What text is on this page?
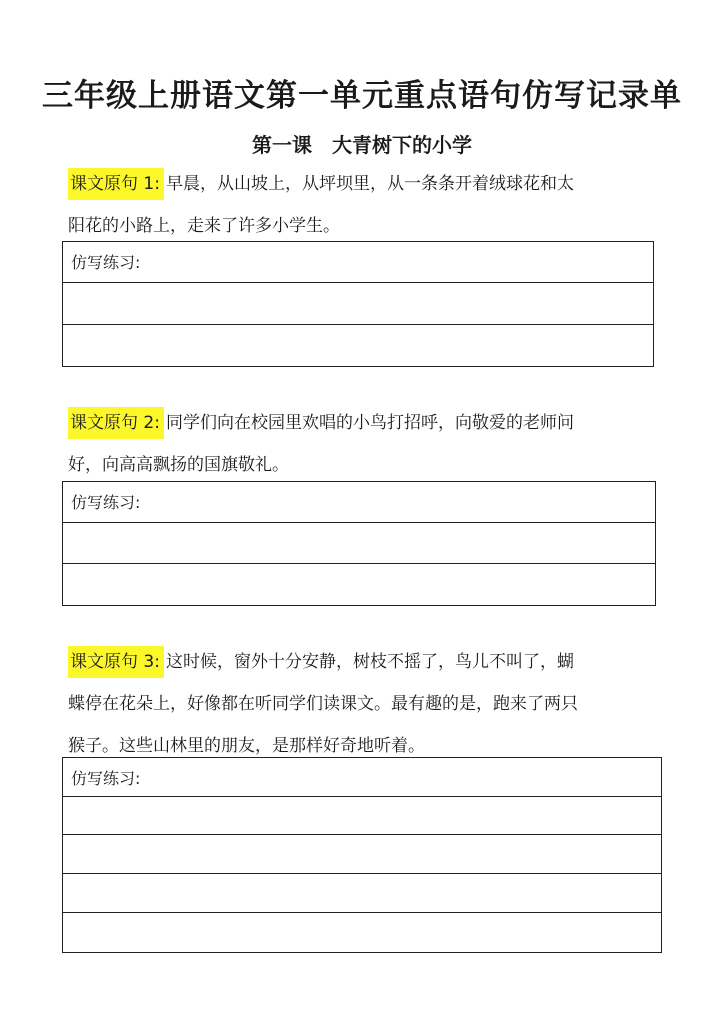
三年级上册语文第一单元重点语句仿写记录单
第一课　大青树下的小学
课文原句 1: 早晨，从山坡上，从坪坝里，从一条条开着绒球花和太
阳花的小路上，走来了许多小学生。
仿写练习:
课文原句 2: 同学们向在校园里欢唱的小鸟打招呼，向敬爱的老师问
好，向高高飘扬的国旗敬礼。
仿写练习:
课文原句 3: 这时候，窗外十分安静，树枝不摇了，鸟儿不叫了，蝴
蝶停在花朵上，好像都在听同学们读课文。最有趣的是，跑来了两只
猴子。这些山林里的朋友，是那样好奇地听着。
仿写练习:
